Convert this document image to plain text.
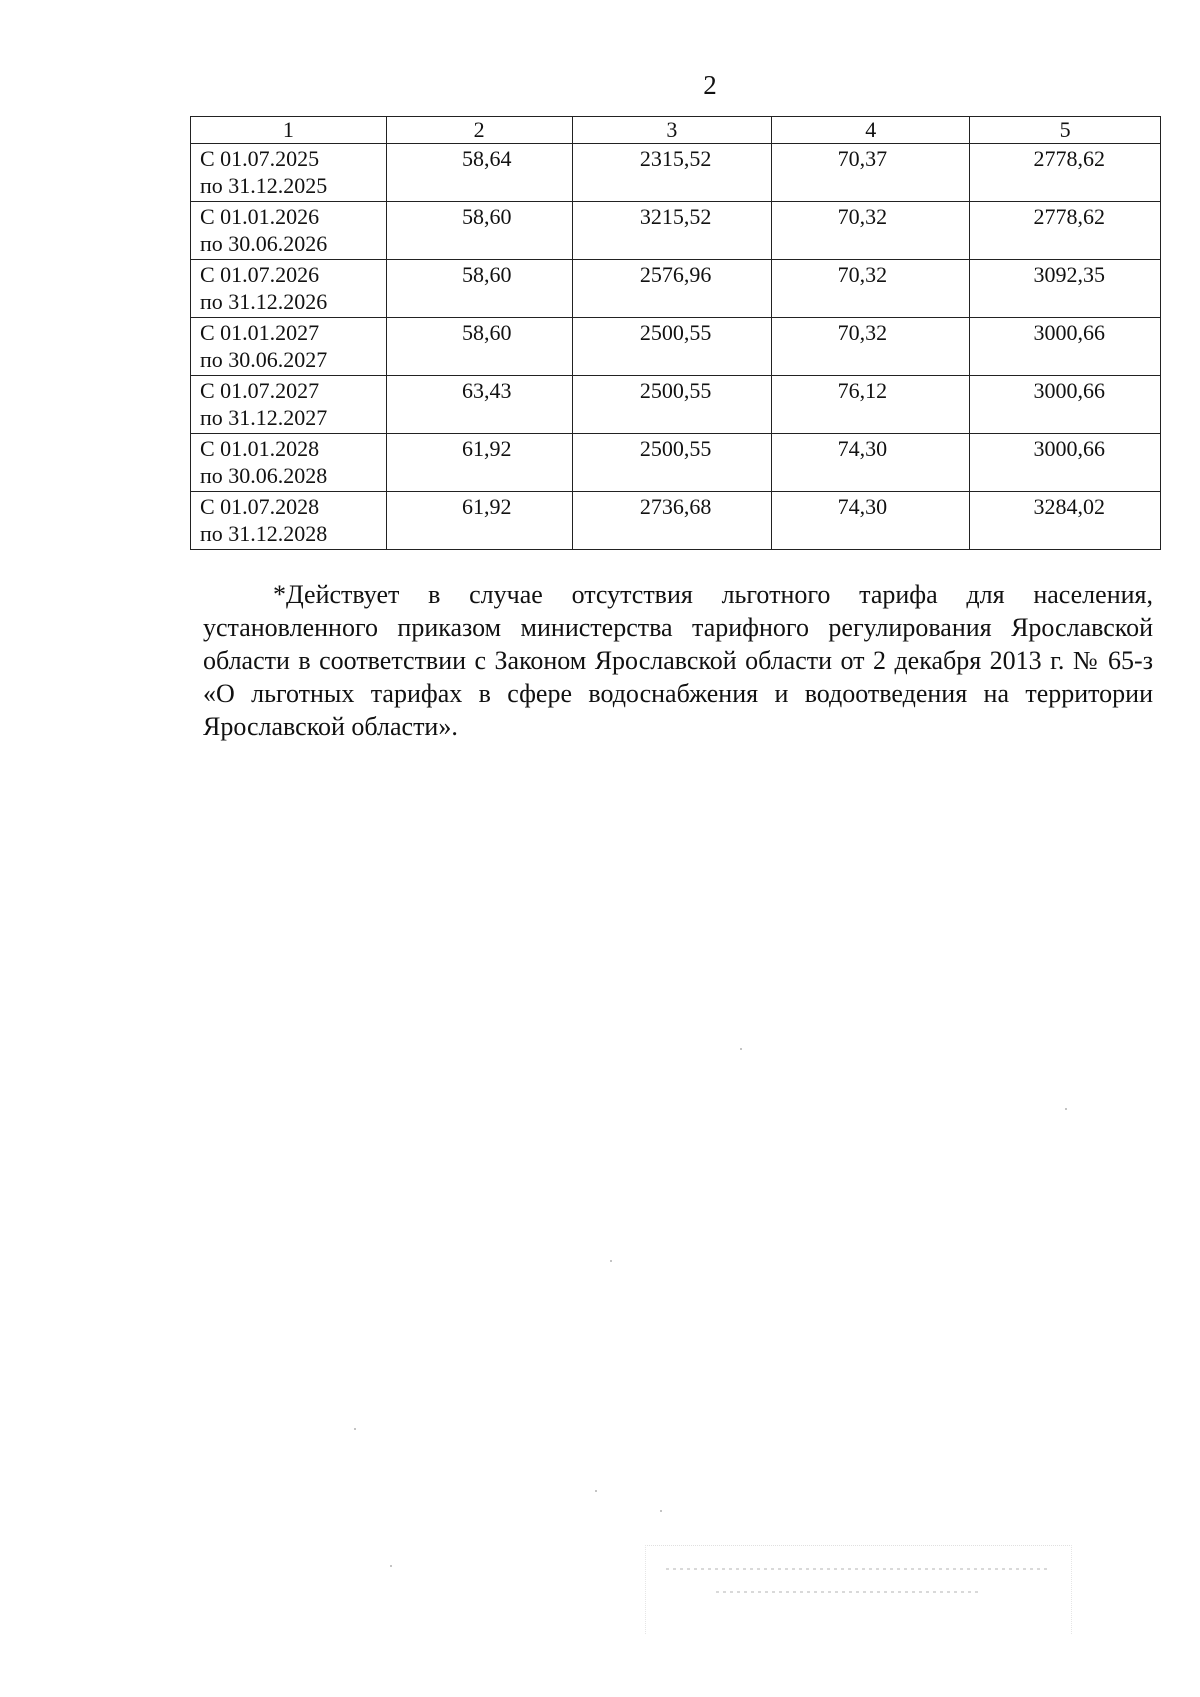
2
1	2	3	4	5

С 01.07.2025
по 31.12.2025	58,64	2315,52	70,37	2778,62

С 01.01.2026
по 30.06.2026	58,60	3215,52	70,32	2778,62

С 01.07.2026
по 31.12.2026	58,60	2576,96	70,32	3092,35

С 01.01.2027
по 30.06.2027	58,60	2500,55	70,32	3000,66

С 01.07.2027
по 31.12.2027	63,43	2500,55	76,12	3000,66

С 01.01.2028
по 30.06.2028	61,92	2500,55	74,30	3000,66

С 01.07.2028
по 31.12.2028	61,92	2736,68	74,30	3284,02
*Действует в случае отсутствия льготного тарифа для населения, установленного приказом министерства тарифного регулирования Ярославской области в соответствии с Законом Ярославской области от 2 декабря 2013 г. № 65-з «О льготных тарифах в сфере водоснабжения и водоотведения на территории Ярославской области».
